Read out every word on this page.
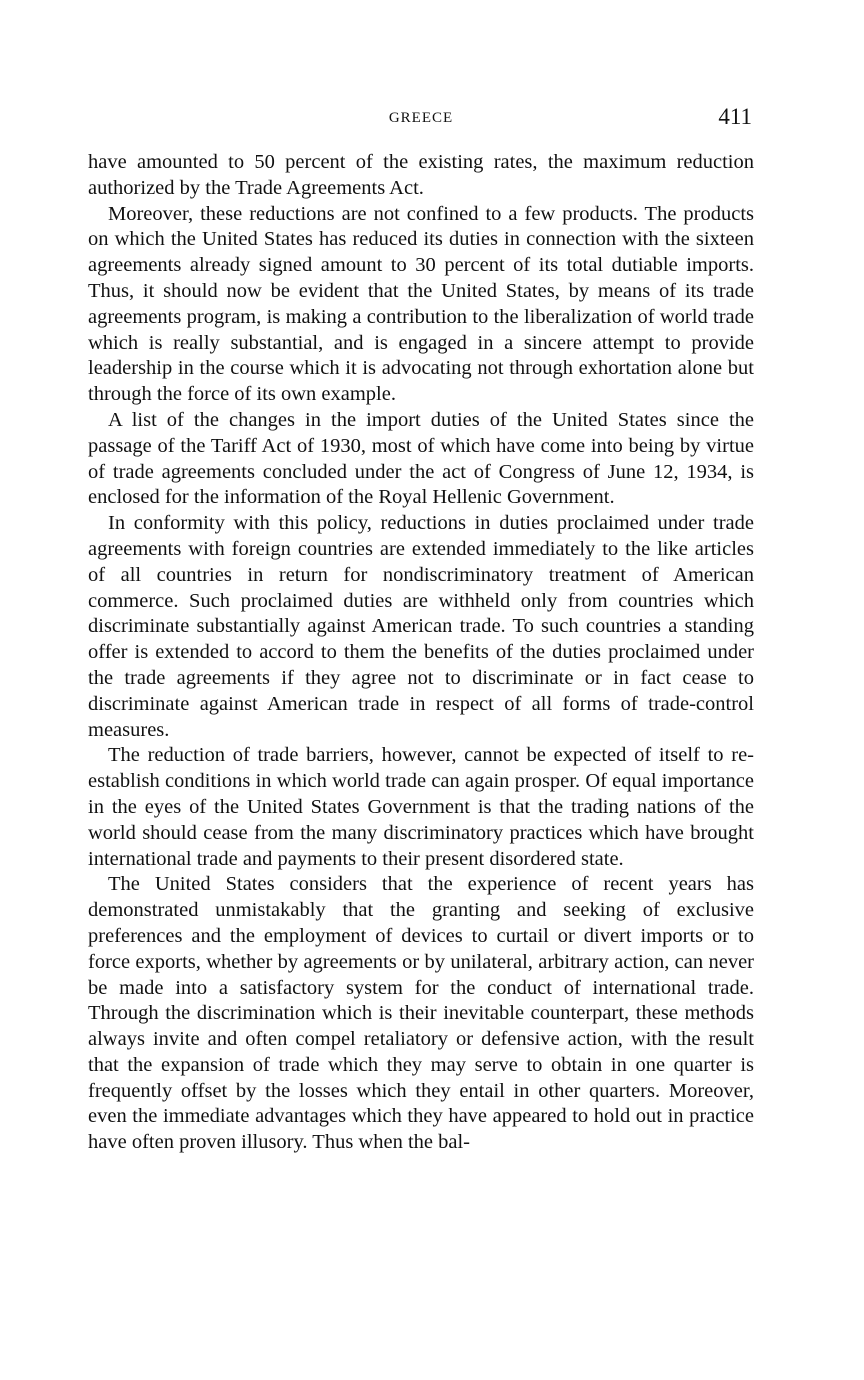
GREECE	411

have amounted to 50 percent of the existing rates, the maximum reduction authorized by the Trade Agreements Act.

Moreover, these reductions are not confined to a few products. The products on which the United States has reduced its duties in connection with the sixteen agreements already signed amount to 30 percent of its total dutiable imports. Thus, it should now be evident that the United States, by means of its trade agreements program, is making a contribution to the liberalization of world trade which is really substantial, and is engaged in a sincere attempt to provide leadership in the course which it is advocating not through exhortation alone but through the force of its own example.

A list of the changes in the import duties of the United States since the passage of the Tariff Act of 1930, most of which have come into being by virtue of trade agreements concluded under the act of Congress of June 12, 1934, is enclosed for the information of the Royal Hellenic Government.

In conformity with this policy, reductions in duties proclaimed under trade agreements with foreign countries are extended immediately to the like articles of all countries in return for nondiscriminatory treatment of American commerce. Such proclaimed duties are withheld only from countries which discriminate substantially against American trade. To such countries a standing offer is extended to accord to them the benefits of the duties proclaimed under the trade agreements if they agree not to discriminate or in fact cease to discriminate against American trade in respect of all forms of trade-control measures.

The reduction of trade barriers, however, cannot be expected of itself to re-establish conditions in which world trade can again prosper. Of equal importance in the eyes of the United States Government is that the trading nations of the world should cease from the many discriminatory practices which have brought international trade and payments to their present disordered state.

The United States considers that the experience of recent years has demonstrated unmistakably that the granting and seeking of exclusive preferences and the employment of devices to curtail or divert imports or to force exports, whether by agreements or by unilateral, arbitrary action, can never be made into a satisfactory system for the conduct of international trade. Through the discrimination which is their inevitable counterpart, these methods always invite and often compel retaliatory or defensive action, with the result that the expansion of trade which they may serve to obtain in one quarter is frequently offset by the losses which they entail in other quarters. Moreover, even the immediate advantages which they have appeared to hold out in practice have often proven illusory. Thus when the bal-
